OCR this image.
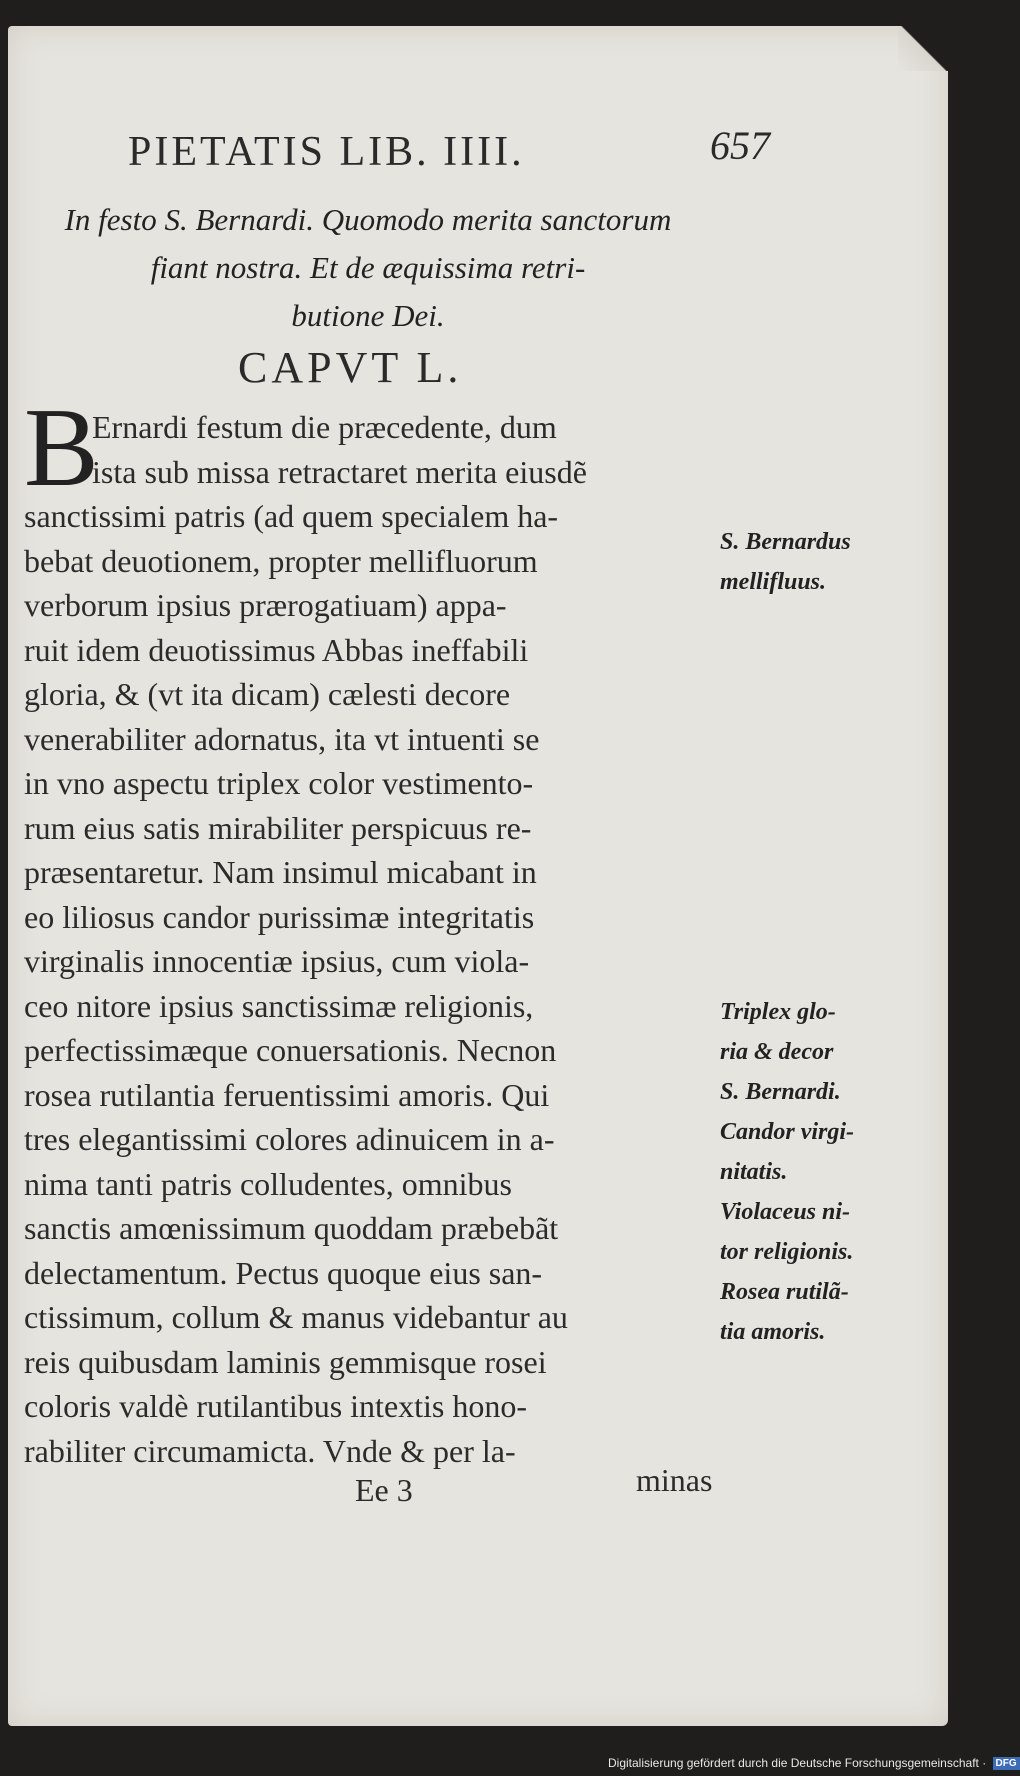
PIETATIS LIB. IIII.	657
In festo S. Bernardi. Quomodo merita sanctorum
fiant nostra. Et de æquissima retri-
butione Dei.
CAPVT L.
B
Ernardi festum die præcedente, dum
ista sub missa retractaret merita eiusdẽ
sanctissimi patris (ad quem specialem ha-
bebat deuotionem, propter mellifluorum
verborum ipsius prærogatiuam) appa-
ruit idem deuotissimus Abbas ineffabili
gloria, & (vt ita dicam) cælesti decore
venerabiliter adornatus, ita vt intuenti se
in vno aspectu triplex color vestimento-
rum eius satis mirabiliter perspicuus re-
præsentaretur. Nam insimul micabant in
eo liliosus candor purissimæ integritatis
virginalis innocentiæ ipsius, cum viola-
ceo nitore ipsius sanctissimæ religionis,
perfectissimæque conuersationis. Necnon
rosea rutilantia feruentissimi amoris. Qui
tres elegantissimi colores adinuicem in a-
nima tanti patris colludentes, omnibus
sanctis amœnissimum quoddam præbebãt
delectamentum. Pectus quoque eius san-
ctissimum, collum & manus videbantur au
reis quibusdam laminis gemmisque rosei
coloris valdè rutilantibus intextis hono-
rabiliter circumamicta. Vnde & per la-
S. Bernardus
mellifluus.
Triplex glo-
ria & decor
S. Bernardi.
Candor virgi-
nitatis.
Violaceus ni-
tor religionis.
Rosea rutilã-
tia amoris.
Ee 3	minas
Digitalisierung gefördert durch die Deutsche Forschungsgemeinschaft · DFG
